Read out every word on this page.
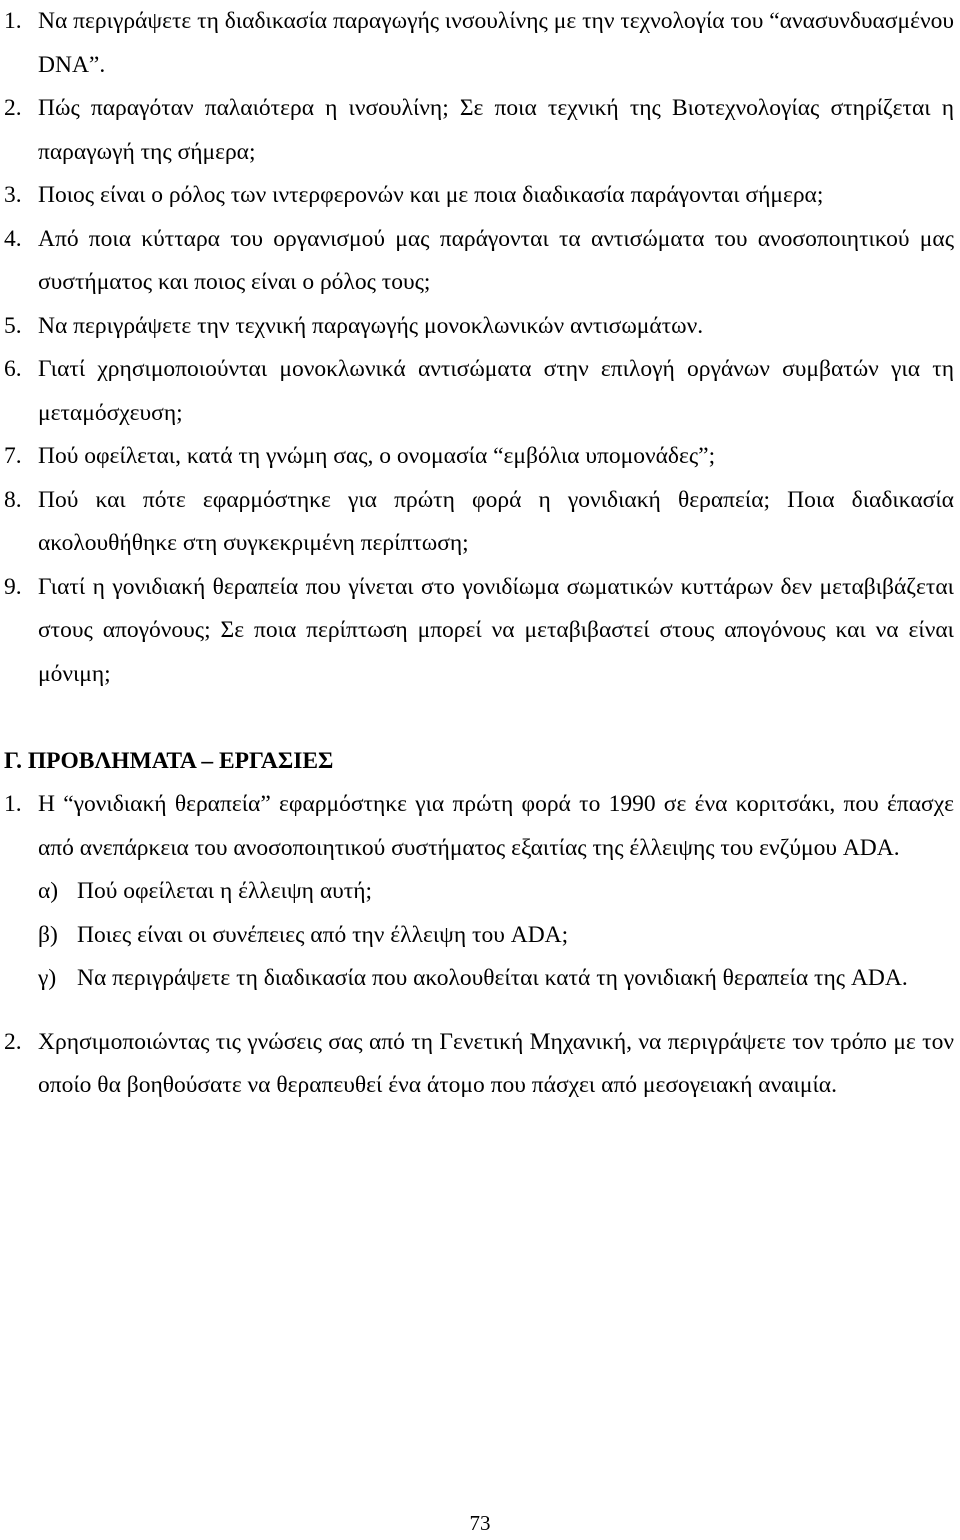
1. Να περιγράψετε τη διαδικασία παραγωγής ινσουλίνης με την τεχνολογία του “ανασυνδυασμένου DNA”.
2. Πώς παραγόταν παλαιότερα η ινσουλίνη; Σε ποια τεχνική της Βιοτεχνολογίας στηρίζεται η παραγωγή της σήμερα;
3. Ποιος είναι ο ρόλος των ιντερφερονών και με ποια διαδικασία παράγονται σήμερα;
4. Από ποια κύτταρα του οργανισμού μας παράγονται τα αντισώματα του ανοσοποιητικού μας συστήματος και ποιος είναι ο ρόλος τους;
5. Να περιγράψετε την τεχνική παραγωγής μονοκλωνικών αντισωμάτων.
6. Γιατί χρησιμοποιούνται μονοκλωνικά αντισώματα στην επιλογή οργάνων συμβατών για τη μεταμόσχευση;
7. Πού οφείλεται, κατά τη γνώμη σας, ο ονομασία “εμβόλια υπομονάδες”;
8. Πού και πότε εφαρμόστηκε για πρώτη φορά η γονιδιακή θεραπεία; Ποια διαδικασία ακολουθήθηκε στη συγκεκριμένη περίπτωση;
9. Γιατί η γονιδιακή θεραπεία που γίνεται στο γονιδίωμα σωματικών κυττάρων δεν μεταβιβάζεται στους απογόνους; Σε ποια περίπτωση μπορεί να μεταβιβαστεί στους απογόνους και να είναι μόνιμη;
Γ. ΠΡΟΒΛΗΜΑΤΑ – ΕΡΓΑΣΙΕΣ
1. Η “γονιδιακή θεραπεία” εφαρμόστηκε για πρώτη φορά το 1990 σε ένα κοριτσάκι, που έπασχε από ανεπάρκεια του ανοσοποιητικού συστήματος εξαιτίας της έλλειψης του ενζύμου ADA.
α) Πού οφείλεται η έλλειψη αυτή;
β) Ποιες είναι οι συνέπειες από την έλλειψη του ADA;
γ) Να περιγράψετε τη διαδικασία που ακολουθείται κατά τη γονιδιακή θεραπεία της ADA.
2. Χρησιμοποιώντας τις γνώσεις σας από τη Γενετική Μηχανική, να περιγράψετε τον τρόπο με τον οποίο θα βοηθούσατε να θεραπευθεί ένα άτομο που πάσχει από μεσογειακή αναιμία.
73
